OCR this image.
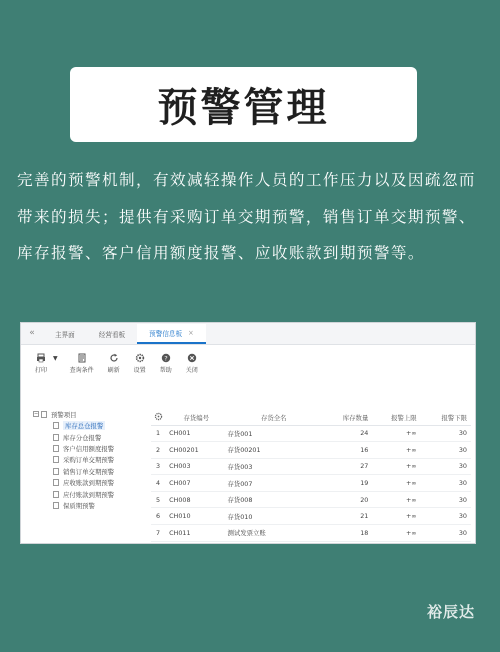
预警管理

完善的预警机制，有效减轻操作人员的工作压力以及因疏忽而带来的损失；提供有采购订单交期预警，销售订单交期预警、库存报警、客户信用额度报警、应收账款到期预警等。

«	主界面	经营看板	预警信息板 ×
打印
▼
查询条件 刷新 设置
?
帮助 关闭
− 预警项目
库存总仓报警
库存分仓报警
客户信用额度报警
采购订单交期预警
销售订单交期预警
应收账款到期预警
应付账款到期预警
保质期预警
	存货编号	存货全名	库存数量	报警上限	报警下限
1	CH001	存货001	24	+∞	30
2	CH00201	存货00201	16	+∞	30
3	CH003	存货003	27	+∞	30
4	CH007	存货007	19	+∞	30
5	CH008	存货008	20	+∞	30
6	CH010	存货010	21	+∞	30
7	CH011	测试发票立账	18	+∞	30
裕辰达
